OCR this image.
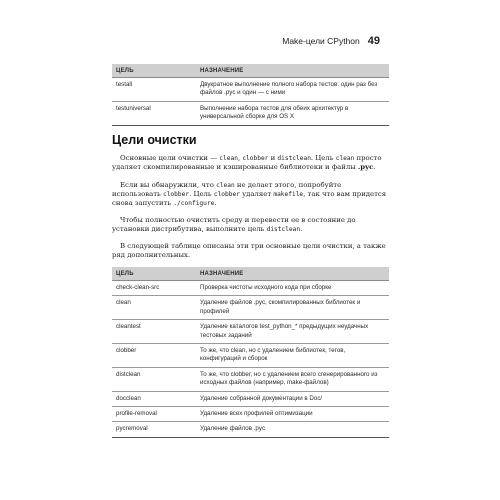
Make-цели CPython 49
ЦЕЛЬ	НАЗНАЧЕНИЕ
testall	Двукратное выполнение полного набора тестов: один раз без файлов .pyc и один — с ними
testuniversal	Выполнение набора тестов для обеих архитектур в универсальной сборке для OS X
Цели очистки

Основные цели очистки — clean, clobber и distclean. Цель clean просто удаляет скомпилированные и кэшированные библиотеки и файлы .pyc.

Если вы обнаружили, что clean не делает этого, попробуйте использовать clobber. Цель clobber удаляет makefile, так что вам придется снова запустить ./configure.

Чтобы полностью очистить среду и перевести ее в состояние до установки дистрибутива, выполните цель distclean.

В следующей таблице описаны эти три основные цели очистки, а также ряд дополнительных.

ЦЕЛЬ	НАЗНАЧЕНИЕ
check-clean-src	Проверка чистоты исходного кода при сборке
clean	Удаление файлов .pyc, скомпилированных библиотек и профилей
cleantest	Удаление каталогов test_python_* предыдущих неудачных тестовых заданий
clobber	То же, что clean, но с удалением библиотек, тегов, конфигураций и сборок
distclean	То же, что clobber, но с удалением всего сгенерированного из исходных файлов (например, make-файлов)
docclean	Удаление собранной документации в Doc/
profile-removal	Удаление всех профилей оптимизации
pycremoval	Удаление файлов .pyc
